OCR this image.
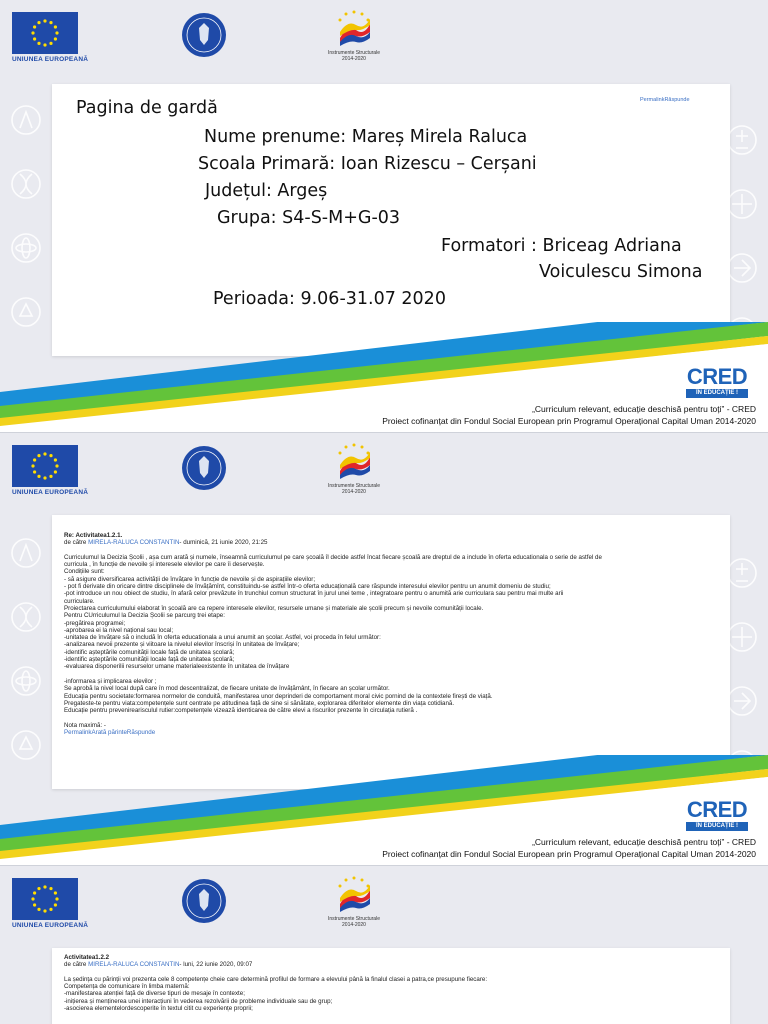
UNIUNEA EUROPEANĂ
Instrumente Structurale
2014-2020
PermalinkRăspunde
Pagina de gardă
Nume prenume: Mareș Mirela Raluca
Scoala Primară: Ioan Rizescu – Cerșani
Județul: Argeș
Grupa: S4-S-M+G-03
Formatori : Briceag Adriana
Voiculescu Simona
Perioada: 9.06-31.07 2020
CRED
ÎN EDUCAȚIE !
„Curriculum relevant, educație deschisă pentru toți” - CRED
Proiect cofinanțat din Fondul Social European prin Programul Operațional Capital Uman 2014-2020
UNIUNEA EUROPEANĂ
Instrumente Structurale
2014-2020
Re: Activitatea1.2.1.
de către MIRELA-RALUCA CONSTANTIN- duminică, 21 iunie 2020, 21:25

Curriculumul la Decizia Școlii , așa cum arată și numele, înseamnă curriculumul pe care școală îl decide astfel încat fiecare școală are dreptul de a include în oferta educationala o serie de astfel de
curricula , în funcție de nevoile și interesele elevilor pe care îi deservește.
Condițiile sunt:
- să asigure diversificarea activității de învățare în funcție de nevoile și de aspirațiile elevilor;
- pot fi derivate din oricare dintre disciplinele de învățămînt, constituindu-se astfel într-o oferta educațională care răspunde interesului elevilor pentru un anumit domeniu de studiu;
-pot introduce un nou obiect de studiu, în afară celor prevăzute în trunchiul comun structurat în jurul unei teme , integratoare pentru o anumită arie curriculara sau pentru mai multe arii
curriculare.
Proiectarea curriculumului elaborat în școală are ca repere interesele elevilor, resursele umane și materiale ale școlii precum și nevoile comunității locale.
Pentru CUrriculumul la Decizia Școlii se parcurg trei etape:
-pregătirea programei;
-aprobarea ei la nivel național sau local;
-unitatea de învățare să o includă în oferta educationala a unui anumit an școlar. Astfel, voi proceda în felul următor:
-analizarea nevoii prezente și viitoare la nivelul elevilor înscriși în unitatea de învățare;
-identific așteptările comunității locale față de unitatea școlară;
-identific așteptările comunității locale față de unitatea școlară;
-evaluarea disponerilii resurselor umane materialeexistente în unitatea de învățare

-informarea și implicarea elevilor ;
Se aprobă la nivel local după care în mod descentralizat, de fiecare unitate de învățământ, în fiecare an școlar următor.
Educația pentru societate:formarea normelor de conduită, manifestarea unor deprinderi de comportament moral civic pornind de la contextele firești de viață.
Pregateste-te pentru viata:competențele sunt centrate pe atitudinea față de sine si sănătate, explorarea diferitelor elemente din viața cotidiană.
Educație pentru prevenirearisculul rutier:competențele vizează identicarea de către elevi a riscurilor prezente în circulația rutieră .

Nota maximă: -
PermalinkArată părinteRăspunde
CRED
ÎN EDUCAȚIE !
„Curriculum relevant, educație deschisă pentru toți” - CRED
Proiect cofinanțat din Fondul Social European prin Programul Operațional Capital Uman 2014-2020
UNIUNEA EUROPEANĂ
Instrumente Structurale
2014-2020
Activitatea1.2.2
de către MIRELA-RALUCA CONSTANTIN- luni, 22 iunie 2020, 09:07

La ședința cu părinții voi prezenta cele 8 competențe cheie care determină profilul de formare a elevului până la finalul clasei a patra,ce presupune fiecare:
Competența de comunicare în limba maternă:
-manifestarea atenției față de diverse tipuri de mesaje în contexte;
-inițierea și menținerea unei interacțiuni în vederea rezolvării de probleme individuale sau de grup;
-asocierea elementelordescoperite în textul citit cu experiențe proprii;
